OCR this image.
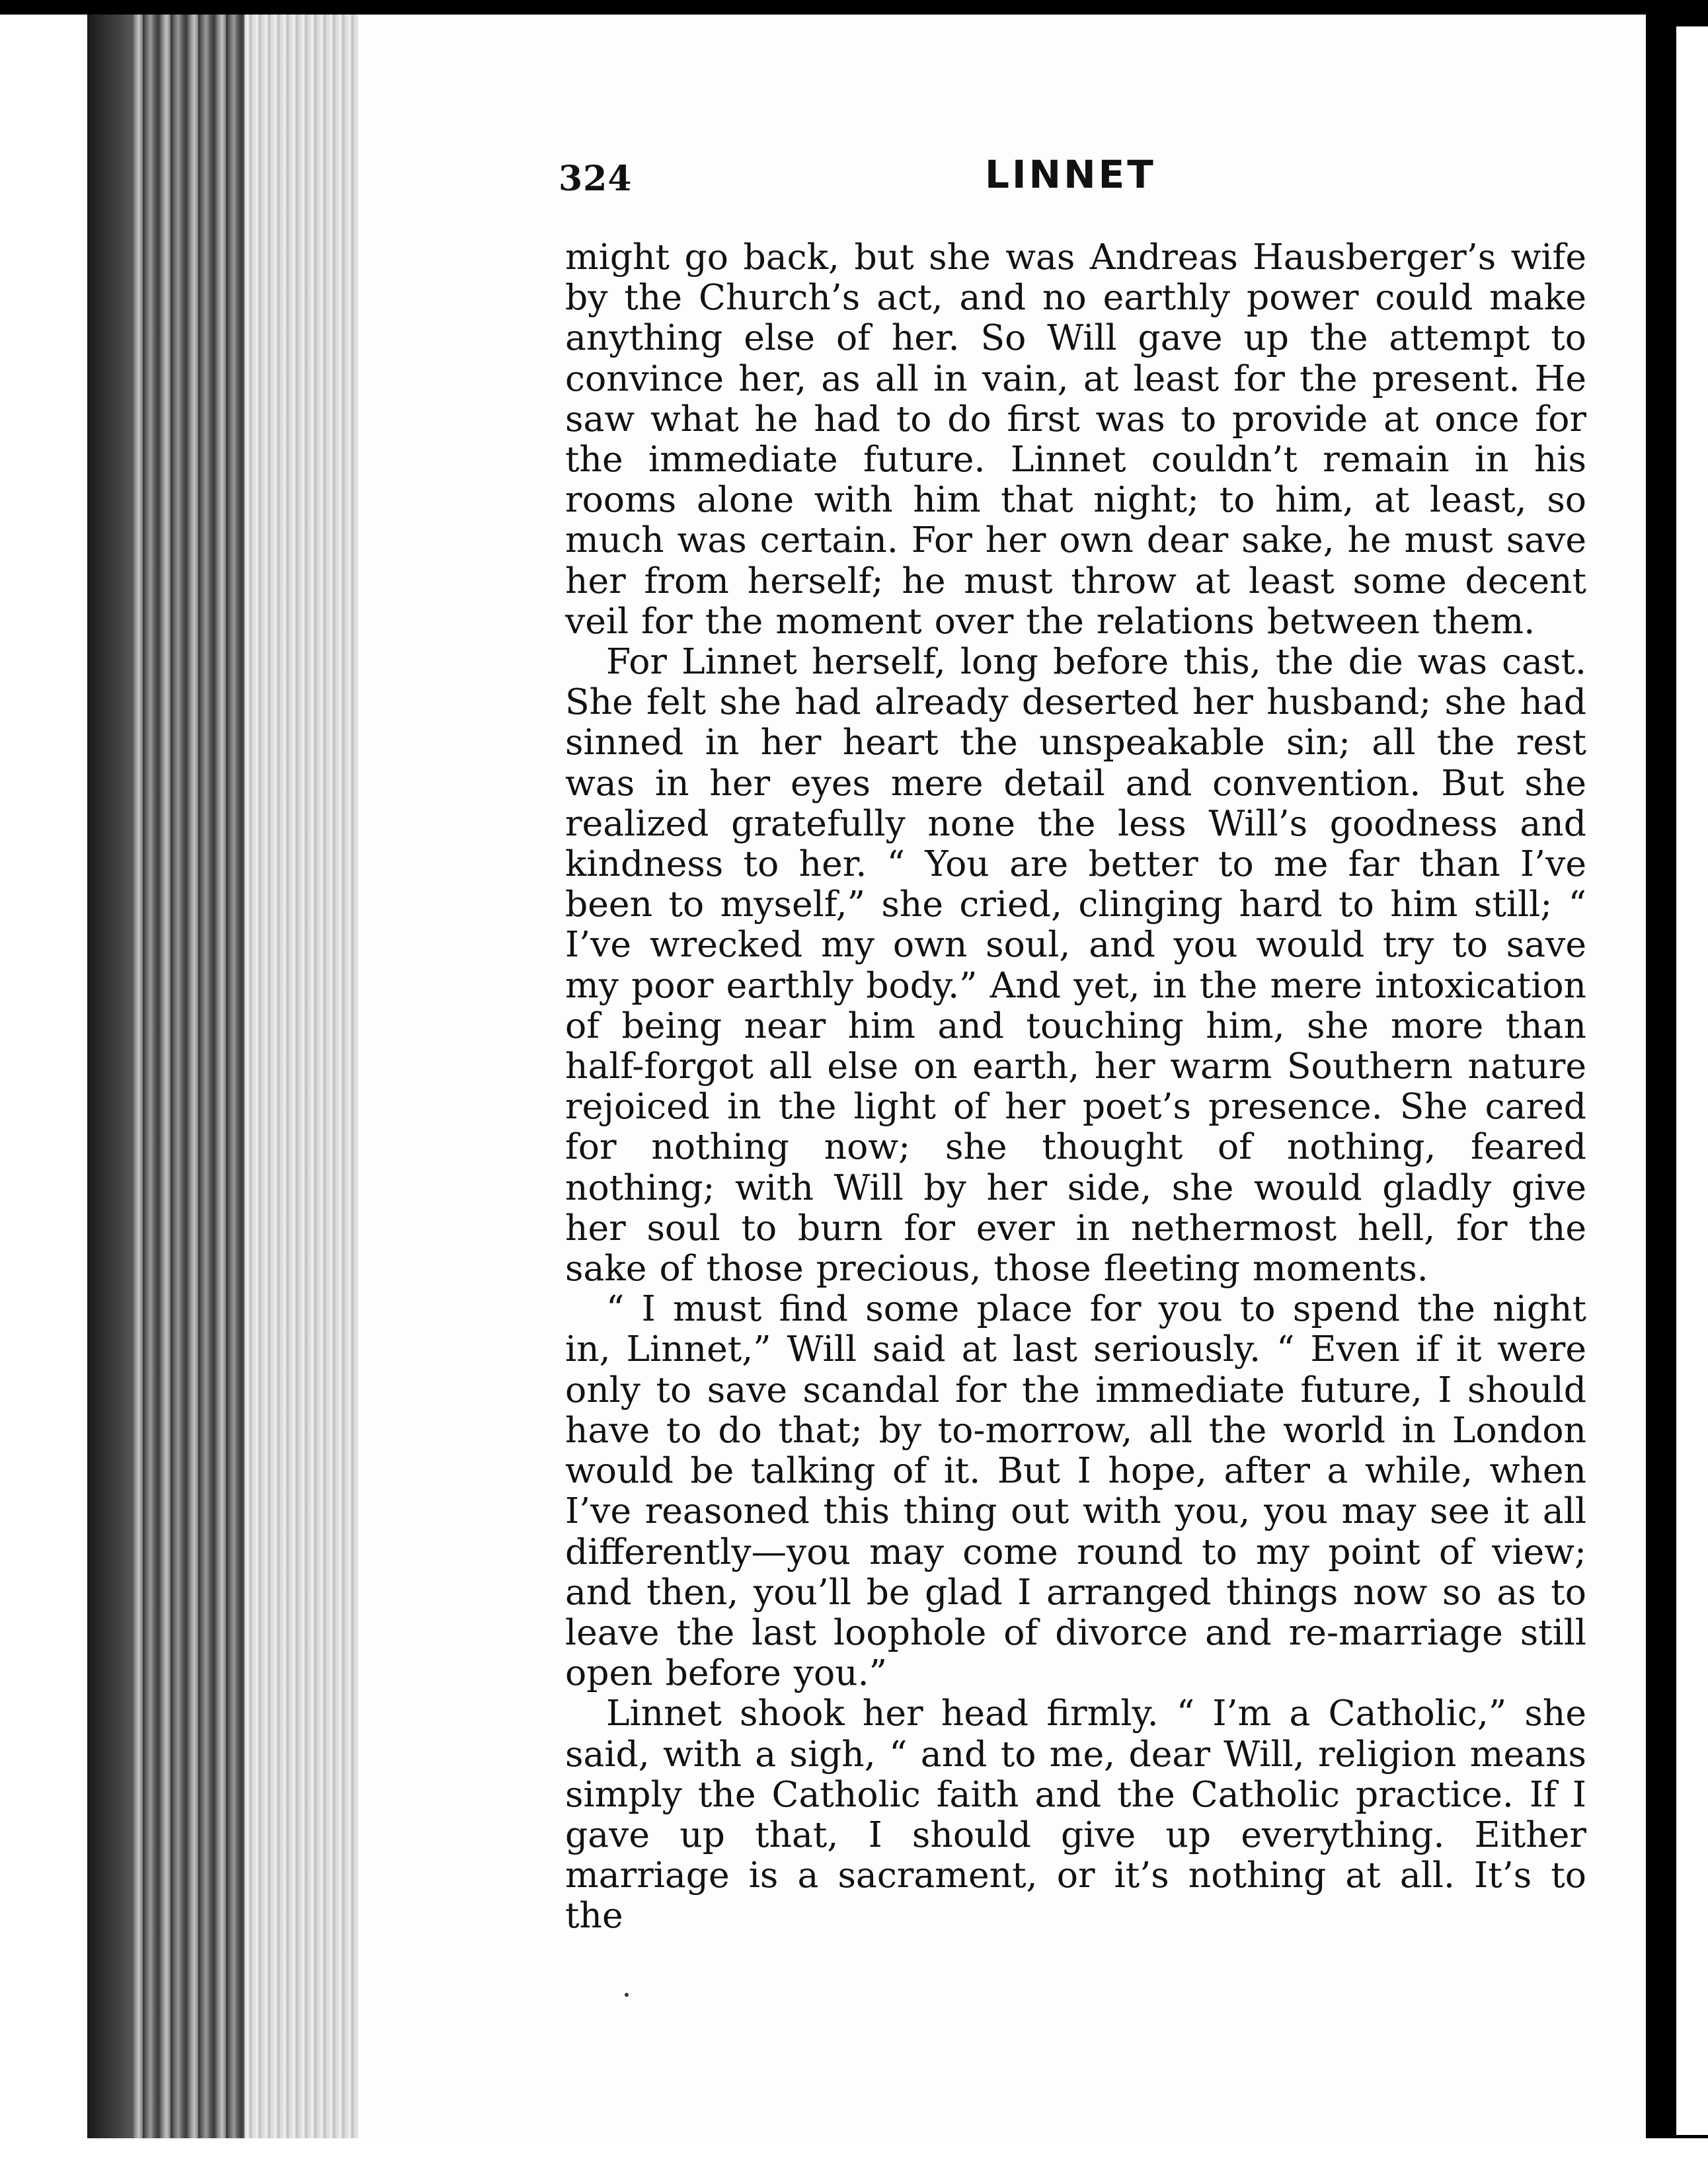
324	LINNET

might go back, but she was Andreas Hausberger’s wife by the Church’s act, and no earthly power could make anything else of her. So Will gave up the attempt to convince her, as all in vain, at least for the present. He saw what he had to do first was to provide at once for the immediate future. Linnet couldn’t remain in his rooms alone with him that night; to him, at least, so much was certain. For her own dear sake, he must save her from herself; he must throw at least some decent veil for the moment over the relations between them.

For Linnet herself, long before this, the die was cast. She felt she had already deserted her husband; she had sinned in her heart the unspeakable sin; all the rest was in her eyes mere detail and convention. But she realized gratefully none the less Will’s goodness and kindness to her. “ You are better to me far than I’ve been to myself,” she cried, clinging hard to him still; “ I’ve wrecked my own soul, and you would try to save my poor earthly body.” And yet, in the mere intoxication of being near him and touching him, she more than half-forgot all else on earth, her warm Southern nature rejoiced in the light of her poet’s presence. She cared for nothing now; she thought of nothing, feared nothing; with Will by her side, she would gladly give her soul to burn for ever in nethermost hell, for the sake of those precious, those fleeting moments.

“ I must find some place for you to spend the night in, Linnet,” Will said at last seriously. “ Even if it were only to save scandal for the immediate future, I should have to do that; by to-morrow, all the world in London would be talking of it. But I hope, after a while, when I’ve reasoned this thing out with you, you may see it all differently—you may come round to my point of view; and then, you’ll be glad I arranged things now so as to leave the last loophole of divorce and re-marriage still open before you.”

Linnet shook her head firmly. “ I’m a Catholic,” she said, with a sigh, “ and to me, dear Will, religion means simply the Catholic faith and the Catholic practice. If I gave up that, I should give up everything. Either marriage is a sacrament, or it’s nothing at all. It’s to the
